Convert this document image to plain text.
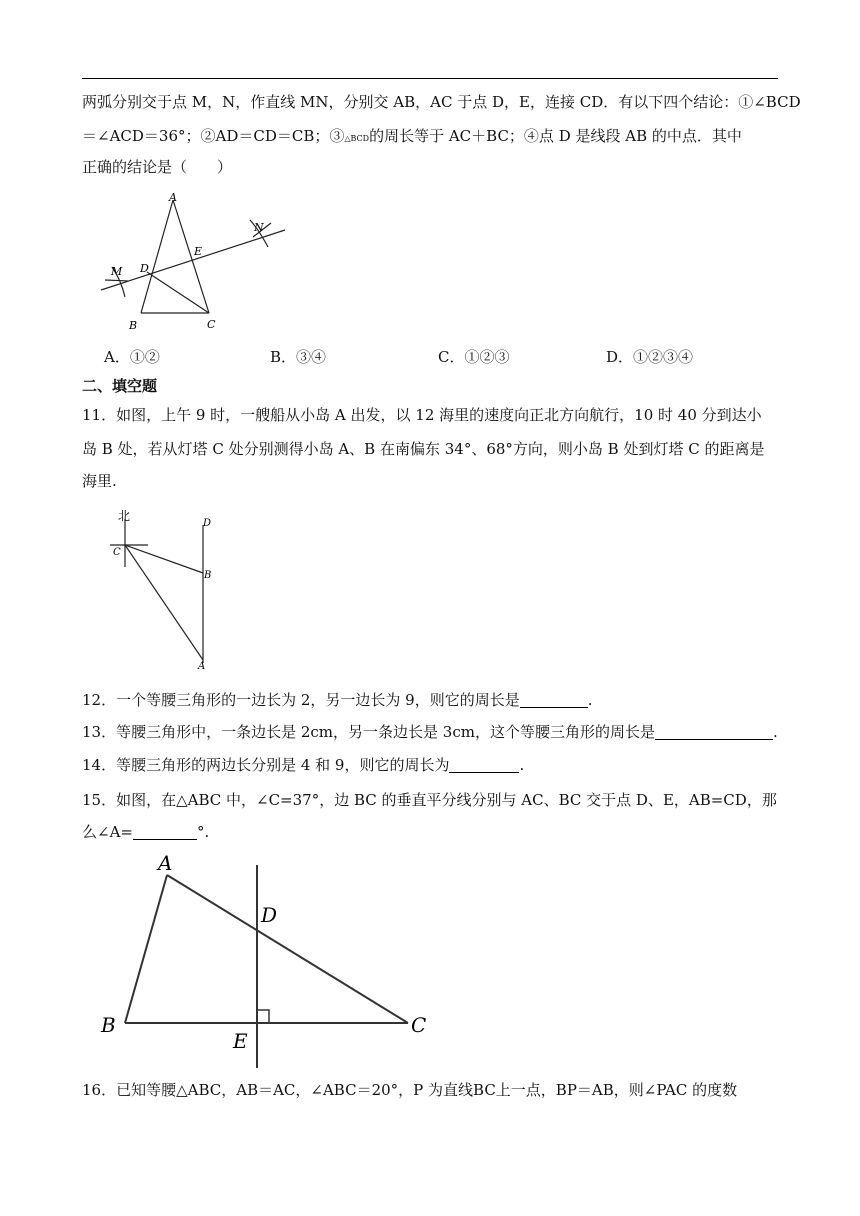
两弧分别交于点 M，N，作直线 MN，分别交 AB，AC 于点 D，E，连接 CD．有以下四个结论：①∠BCD
＝∠ACD＝36°；②AD＝CD＝CB；③△BCD的周长等于 AC＋BC；④点 D 是线段 AB 的中点．其中
正确的结论是（　　）
A
B	C
D
E
M
N
A．①②	B．③④	C．①②③	D．①②③④
二、填空题
11．如图，上午 9 时，一艘船从小岛 A 出发，以 12 海里的速度向正北方向航行，10 时 40 分到达小
岛 B 处，若从灯塔 C 处分别测得小岛 A、B 在南偏东 34°、68°方向，则小岛 B 处到灯塔 C 的距离是
海里.
北
C
D
B
A
12．一个等腰三角形的一边长为 2，另一边长为 9，则它的周长是	.
13．等腰三角形中，一条边长是 2cm，另一条边长是 3cm，这个等腰三角形的周长是	.
14．等腰三角形的两边长分别是 4 和 9，则它的周长为	.
15．如图，在△ABC 中，∠C=37°，边 BC 的垂直平分线分别与 AC、BC 交于点 D、E，AB=CD，那
么∠A=	°.
A
B	C
D
E
16．已知等腰△ABC，AB＝AC，∠ABC＝20°，P 为直线BC上一点，BP＝AB，则∠PAC 的度数
